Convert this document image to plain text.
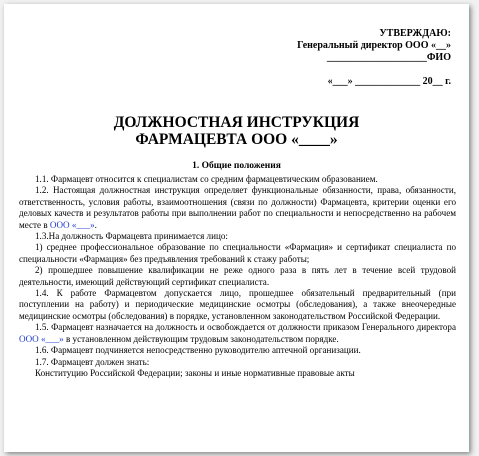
УТВЕРЖДАЮ:
Генеральный директор ООО «__»
____________________ФИО
«___» _____________ 20__ г.
ДОЛЖНОСТНАЯ ИНСТРУКЦИЯ
ФАРМАЦЕВТА ООО «____»
1. Общие положения

1.1. Фармацевт относится к специалистам со средним фармацевтическим образованием.

1.2. Настоящая должностная инструкция определяет функциональные обязанности, права, обязанности, ответственность, условия работы, взаимоотношения (связи по должности) Фармацевта, критерии оценки его деловых качеств и результатов работы при выполнении работ по специальности и непосредственно на рабочем месте в ООО «___».

1.3.На должность Фармацевта принимается лицо:

1) среднее профессиональное образование по специальности «Фармация» и сертификат специалиста по специальности «Фармация» без предъявления требований к стажу работы;

2) прошедшее повышение квалификации не реже одного раза в пять лет в течение всей трудовой деятельности, имеющий действующий сертификат специалиста.

1.4. К работе Фармацевтом допускается лицо, прошедшее обязательный предварительный (при поступлении на работу) и периодические медицинские осмотры (обследования), а также внеочередные медицинские осмотры (обследования) в порядке, установленном законодательством Российской Федерации.

1.5. Фармацевт назначается на должность и освобождается от должности приказом Генерального директора ООО «___» в установленном действующим трудовым законодательством порядке.

1.6. Фармацевт подчиняется непосредственно руководителю аптечной организации.

1.7. Фармацевт должен знать:

Конституцию Российской Федерации; законы и иные нормативные правовые акты
